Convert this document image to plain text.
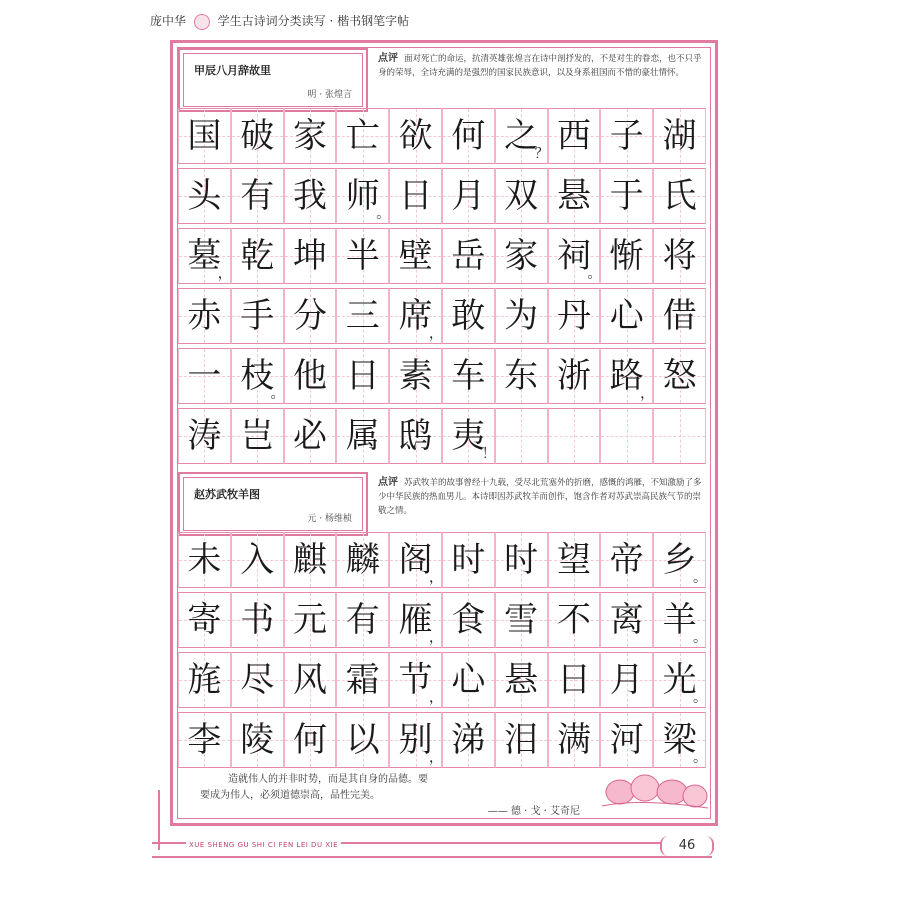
庞中华	学生古诗词分类读写 · 楷书钢笔字帖
甲辰八月辞故里
明 · 张煌言
点评 面对死亡的命运，抗清英雄张煌言在诗中剖抒发的，不是对生的眷恋，也不只乎身的荣辱，全诗充满的是强烈的国家民族意识，以及身系祖国而不惜的豪壮情怀。
国 破 家 亡 欲 何 之
？ 西 子 湖
头 有 我 师
。 日 月 双 悬 于 氏
墓
， 乾 坤 半 壁 岳 家 祠
。 惭 将
赤 手 分 三 席
， 敢 为 丹 心 借
一 枝
。 他 日 素 车 东 浙 路
， 怒
涛 岂 必 属 鸱 夷
！
赵苏武牧羊图
元 · 杨维桢
点评 苏武牧羊的故事曾经十九载，受尽北荒塞外的折磨，感慨的鸿雁，不知激励了多少中华民族的热血男儿。本诗即因苏武牧羊而创作，饱含作者对苏武崇高民族气节的崇敬之情。
未 入 麒 麟 阁
， 时 时 望 帝 乡
。
寄 书 元 有 雁
， 食 雪 不 离 羊
。
旄 尽 风 霜 节
， 心 悬 日 月 光
。
李 陵 何 以 别
， 涕 泪 满 河 梁
。
造就伟人的并非时势，而是其自身的品德。要
要成为伟人，必须道德崇高，品性完美。
—— 德 · 戈 · 艾奇尼
XUE SHENG GU SHI CI FEN LEI DU XIE	46
